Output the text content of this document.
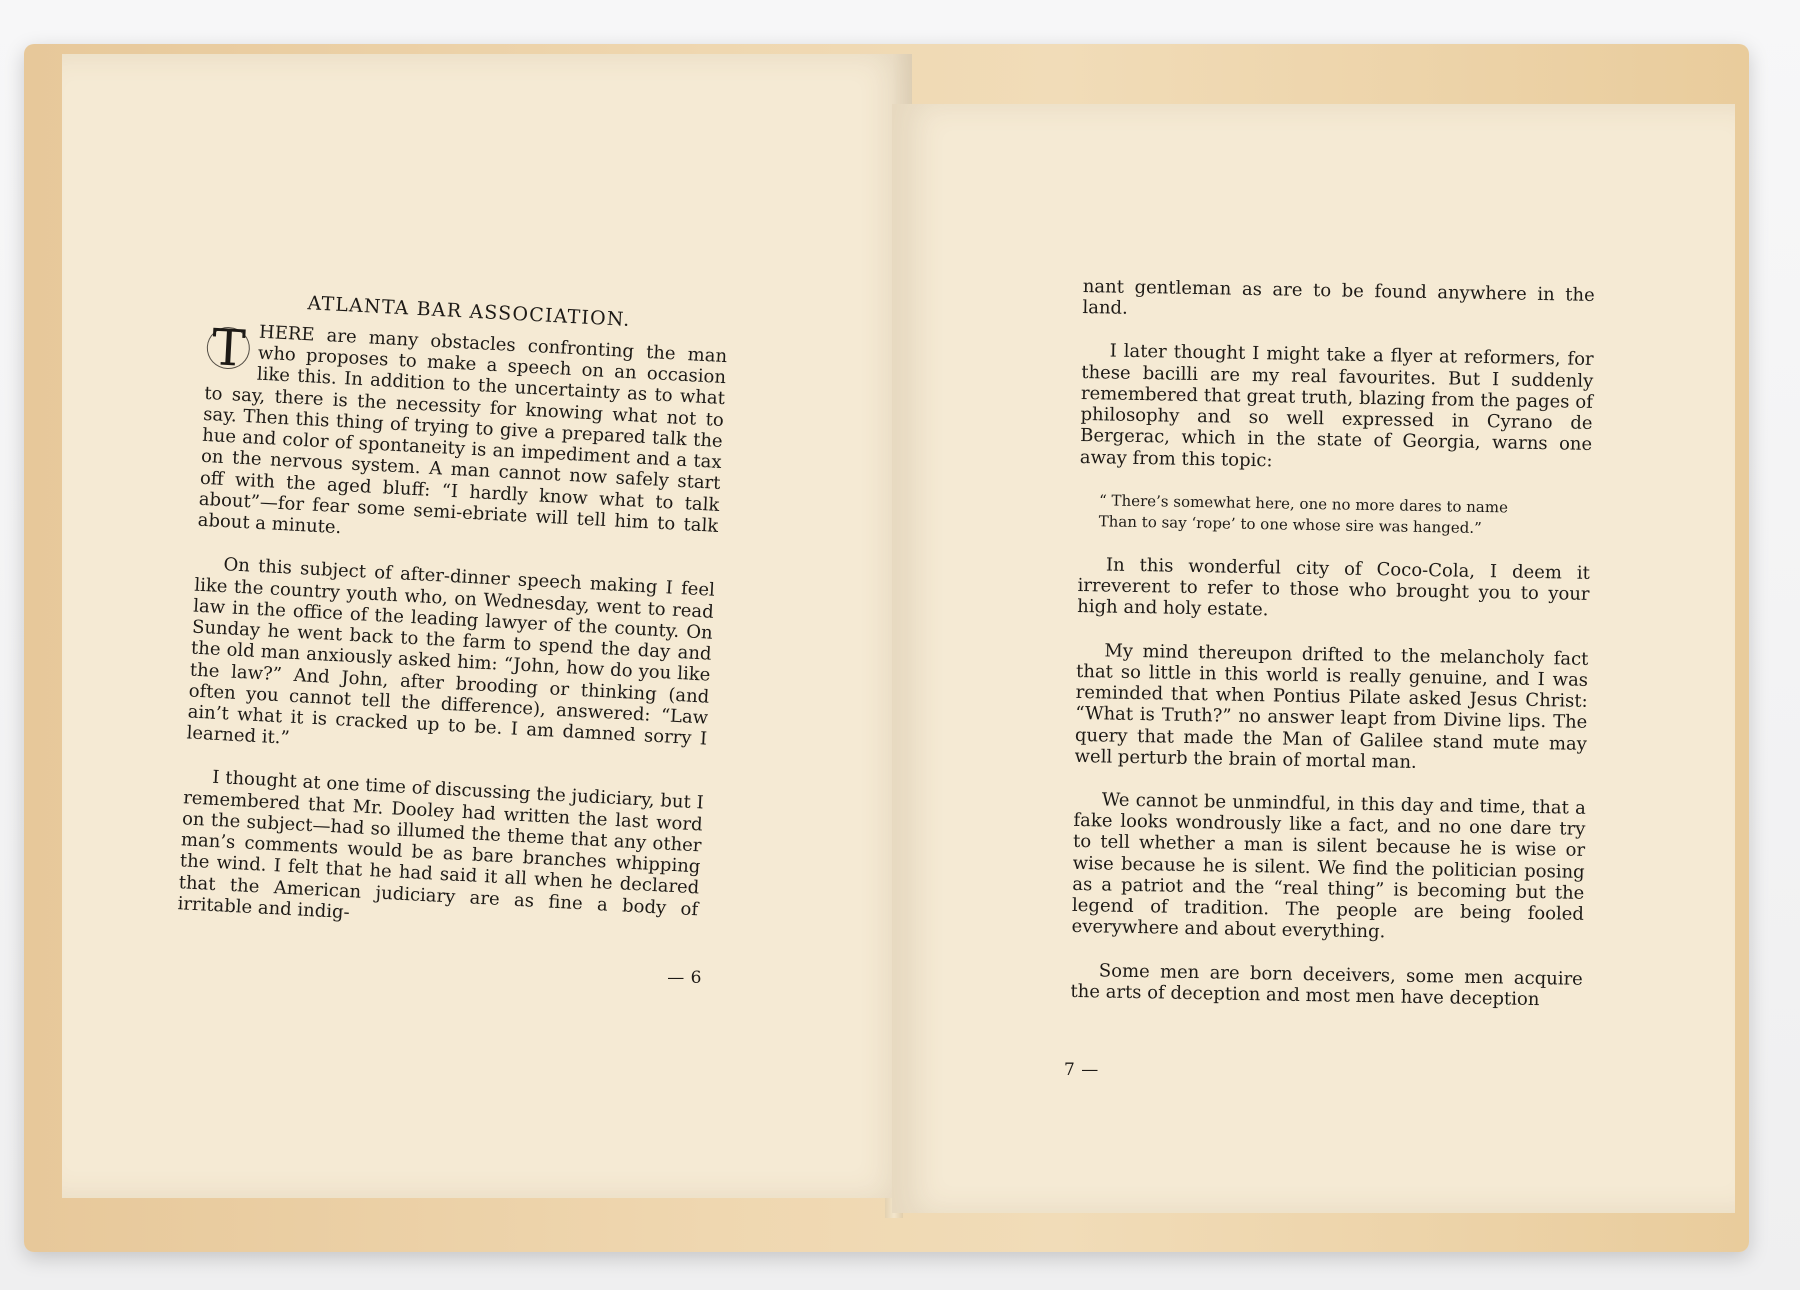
ATLANTA BAR ASSOCIATION.

T HERE are many obstacles confronting the man who proposes to make a speech on an occasion like this. In addition to the uncertainty as to what to say, there is the necessity for knowing what not to say. Then this thing of trying to give a prepared talk the hue and color of spontaneity is an impediment and a tax on the nervous system. A man cannot now safely start off with the aged bluff: “I hardly know what to talk about”—for fear some semi-ebriate will tell him to talk about a minute.

On this subject of after-dinner speech making I feel like the country youth who, on Wednesday, went to read law in the office of the leading lawyer of the county. On Sunday he went back to the farm to spend the day and the old man anxiously asked him: “John, how do you like the law?” And John, after brooding or thinking (and often you cannot tell the difference), answered: “Law ain’t what it is cracked up to be. I am damned sorry I learned it.”

I thought at one time of discussing the judiciary, but I remembered that Mr. Dooley had written the last word on the subject—had so illumed the theme that any other man’s comments would be as bare branches whipping the wind. I felt that he had said it all when he declared that the American judiciary are as fine a body of irritable and indig-

— 6

nant gentleman as are to be found anywhere in the land.

I later thought I might take a flyer at reformers, for these bacilli are my real favourites. But I suddenly remembered that great truth, blazing from the pages of philosophy and so well expressed in Cyrano de Bergerac, which in the state of Georgia, warns one away from this topic:

“ There’s somewhat here, one no more dares to name
Than to say ‘rope’ to one whose sire was hanged.”

In this wonderful city of Coco-Cola, I deem it irreverent to refer to those who brought you to your high and holy estate.

My mind thereupon drifted to the melancholy fact that so little in this world is really genuine, and I was reminded that when Pontius Pilate asked Jesus Christ: “What is Truth?” no answer leapt from Divine lips. The query that made the Man of Galilee stand mute may well perturb the brain of mortal man.

We cannot be unmindful, in this day and time, that a fake looks wondrously like a fact, and no one dare try to tell whether a man is silent because he is wise or wise because he is silent. We find the politician posing as a patriot and the “real thing” is becoming but the legend of tradition. The people are being fooled everywhere and about everything.

Some men are born deceivers, some men acquire the arts of deception and most men have deception

7 —
